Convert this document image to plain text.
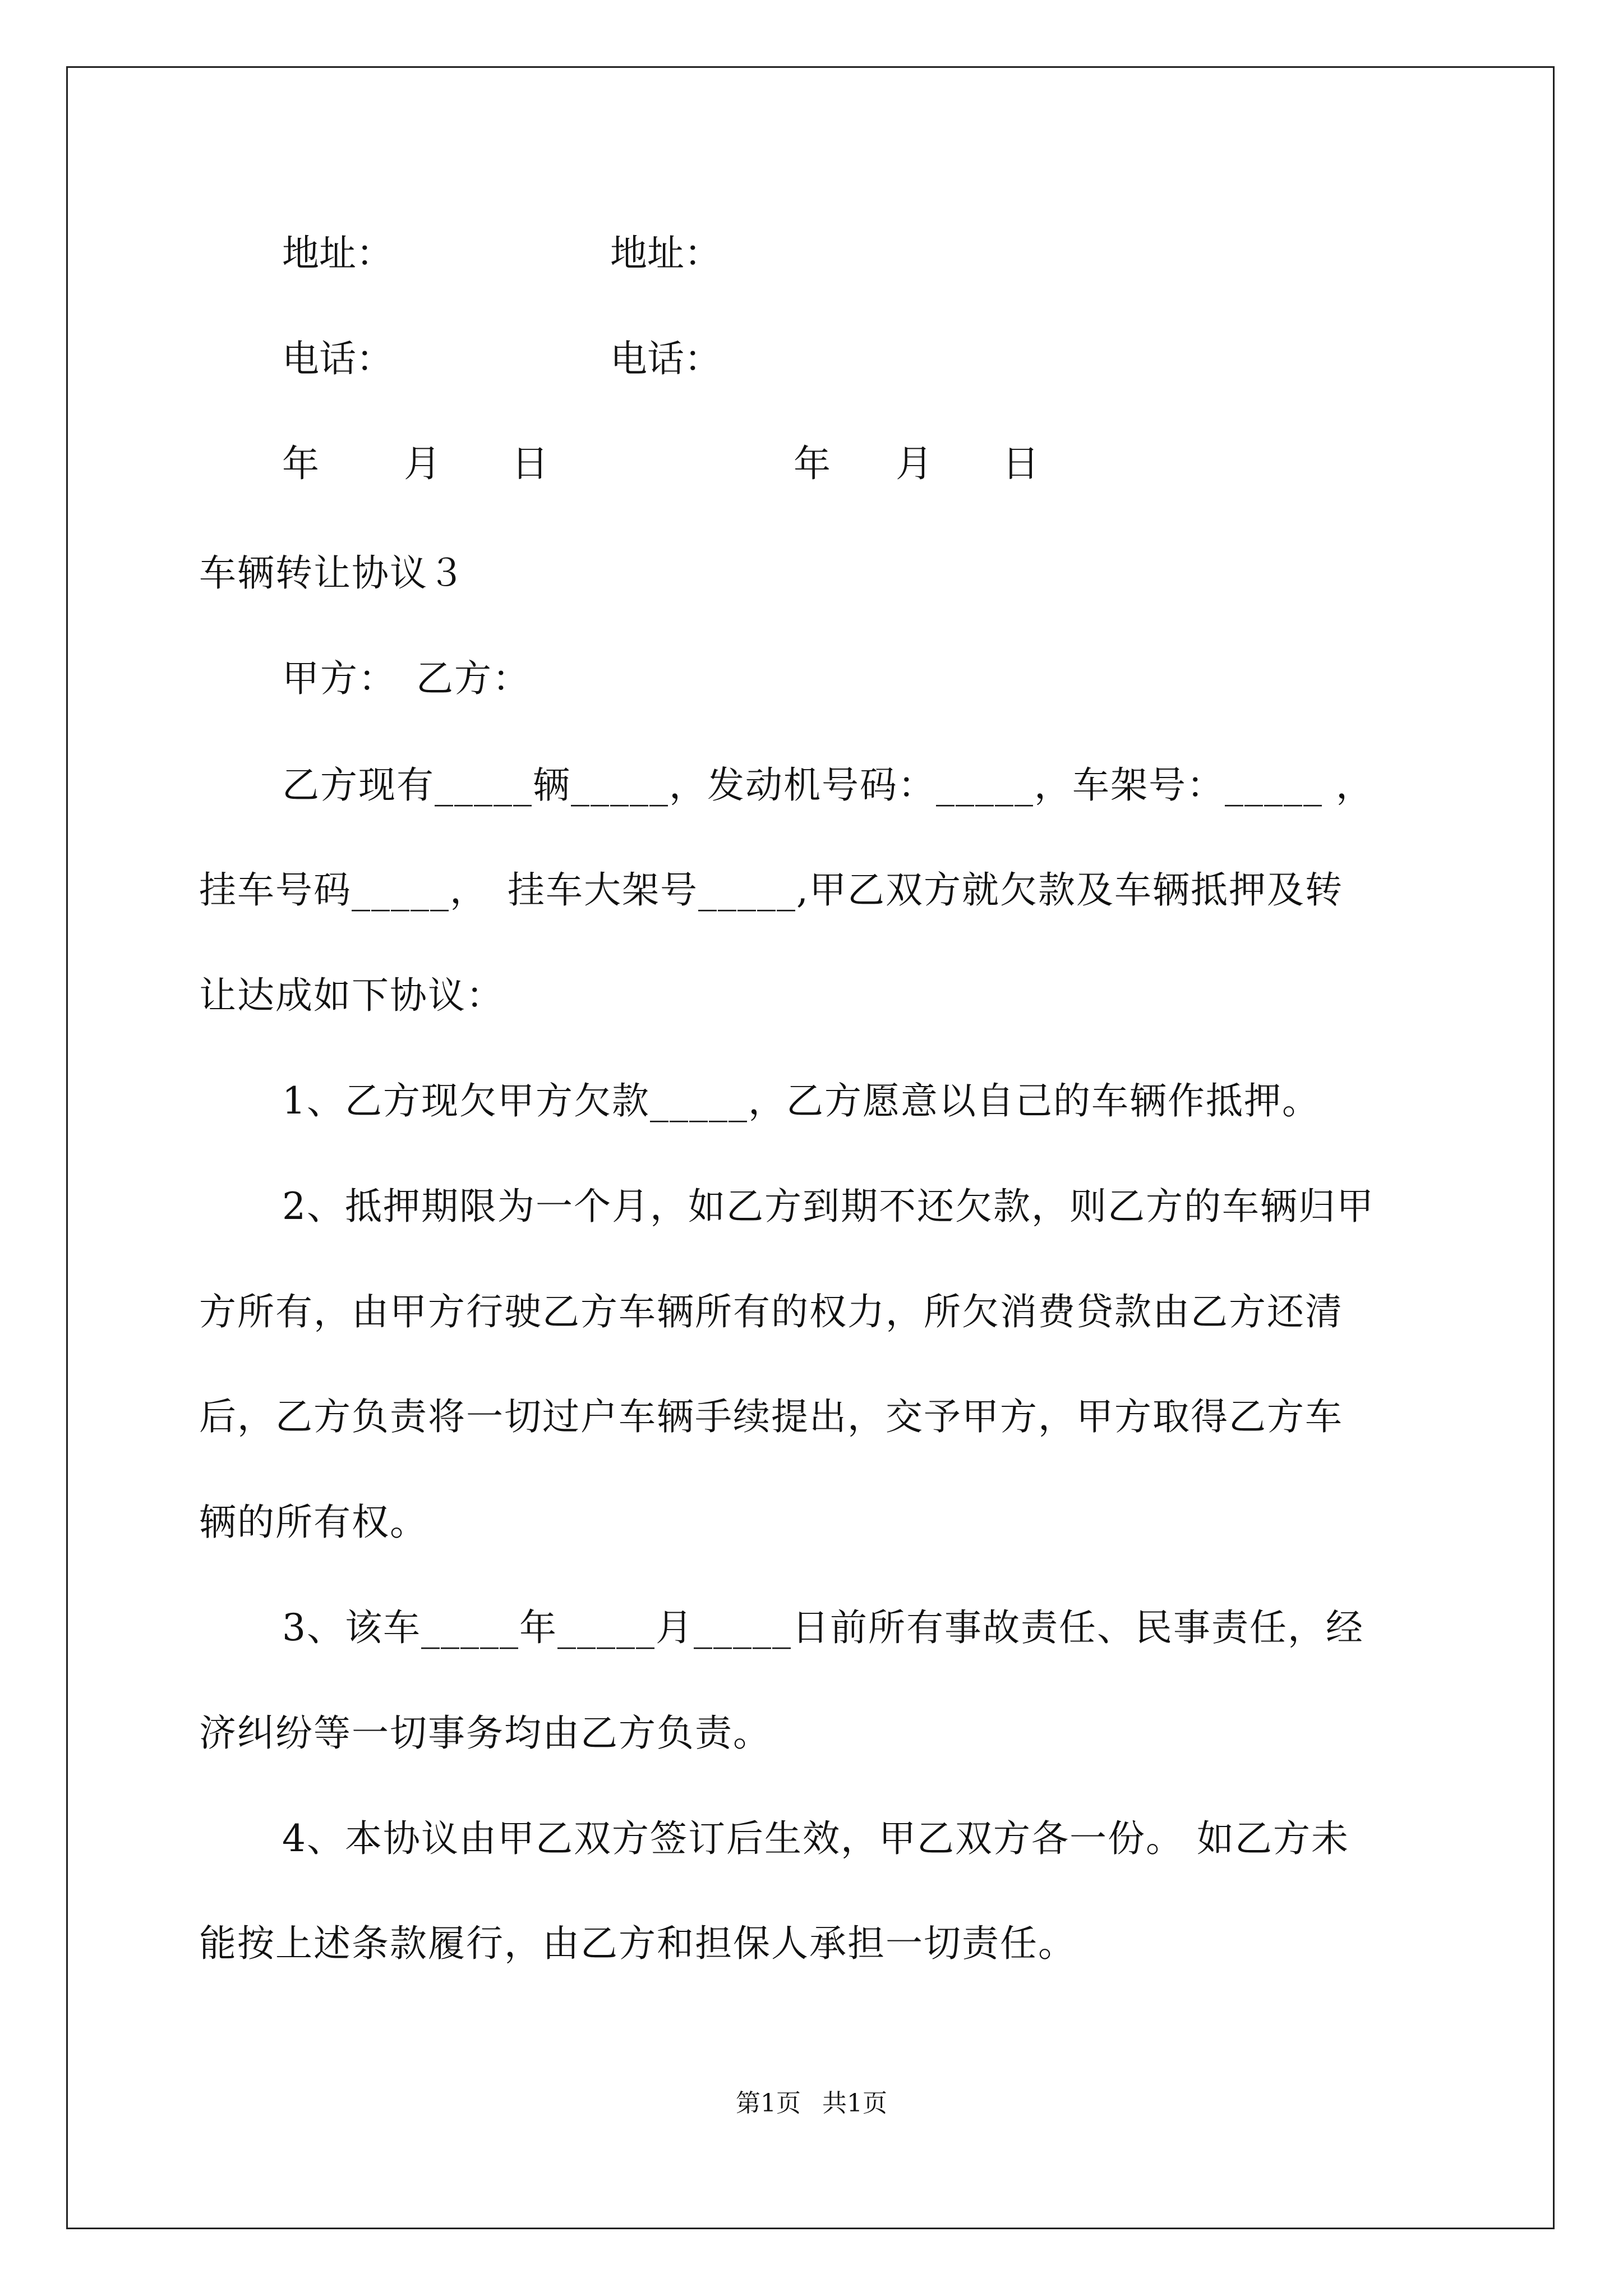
地址：	地址：
电话：	电话：
年 月 日	年 月 日
车辆转让协议３
甲方：　乙方：
乙方现有_____辆_____，发动机号码：_____，车架号：_____ ，
挂车号码_____，　挂车大架号_____,甲乙双方就欠款及车辆抵押及转
让达成如下协议：
1、乙方现欠甲方欠款_____，乙方愿意以自己的车辆作抵押。
2、抵押期限为一个月，如乙方到期不还欠款，则乙方的车辆归甲
方所有，由甲方行驶乙方车辆所有的权力，所欠消费贷款由乙方还清
后，乙方负责将一切过户车辆手续提出，交予甲方，甲方取得乙方车
辆的所有权。
3、该车_____年_____月_____日前所有事故责任、民事责任，经
济纠纷等一切事务均由乙方负责。
4、本协议由甲乙双方签订后生效，甲乙双方各一份。 如乙方未
能按上述条款履行，由乙方和担保人承担一切责任。
第1页 共1页
